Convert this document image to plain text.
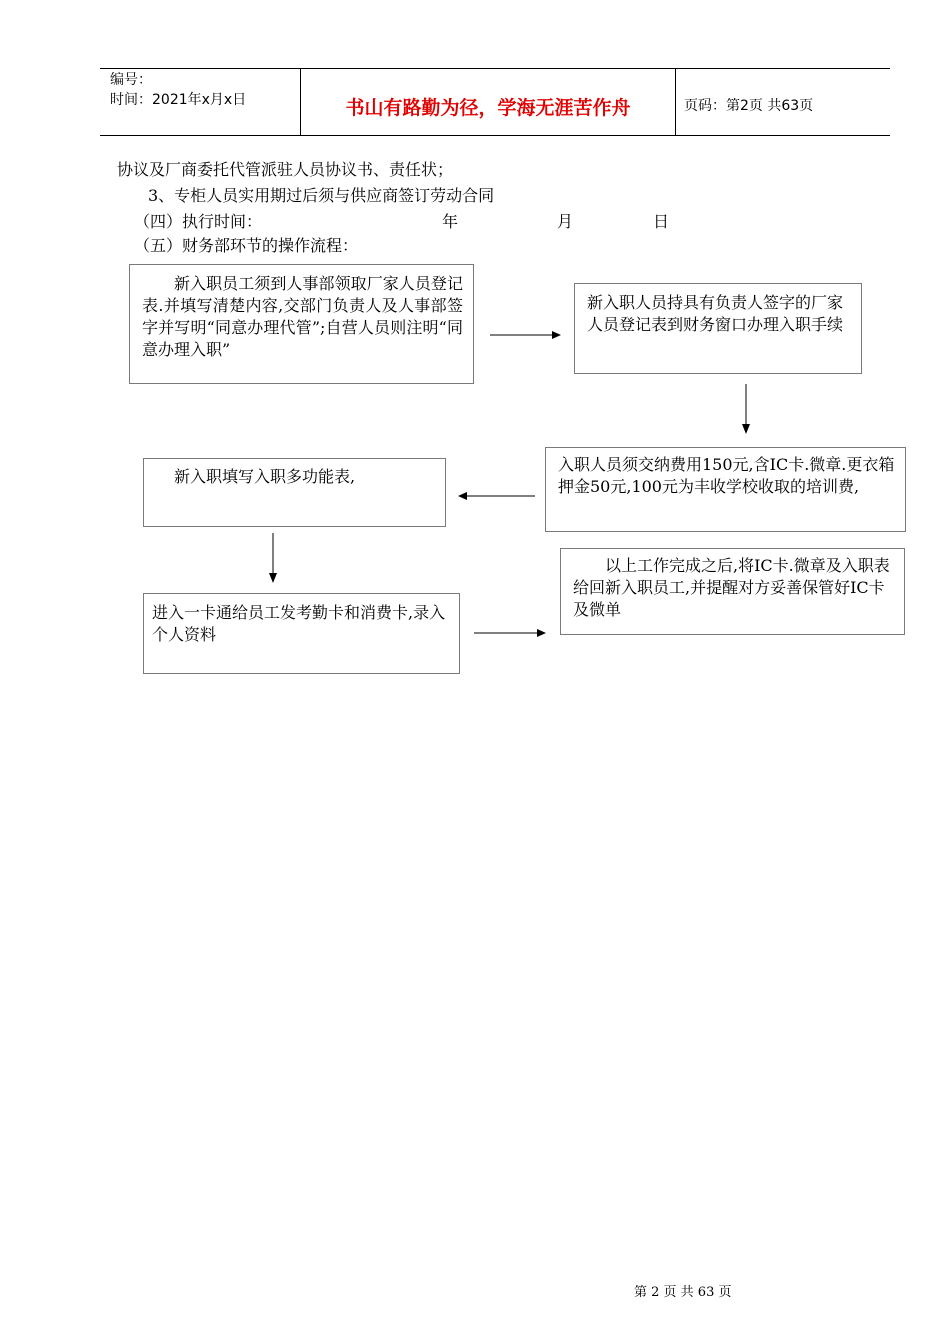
编号：
时间：2021年x月x日	书山有路勤为径，学海无涯苦作舟	页码：第2页 共63页
协议及厂商委托代管派驻人员协议书、责任状；
3、专柜人员实用期过后须与供应商签订劳动合同
（四）执行时间：	年	月	日
（五）财务部环节的操作流程：

新入职员工须到人事部领取厂家人员登记表.并填写清楚内容,交部门负责人及人事部签字并写明“同意办理代管”;自营人员则注明“同意办理入职”

新入职人员持具有负责人签字的厂家人员登记表到财务窗口办理入职手续

入职人员须交纳费用150元,含IC卡.微章.更衣箱押金50元,100元为丰收学校收取的培训费,

新入职填写入职多功能表,

进入一卡通给员工发考勤卡和消费卡,录入个人资料

以上工作完成之后,将IC卡.微章及入职表给回新入职员工,并提醒对方妥善保管好IC卡及微单

第 2 页 共 63 页
